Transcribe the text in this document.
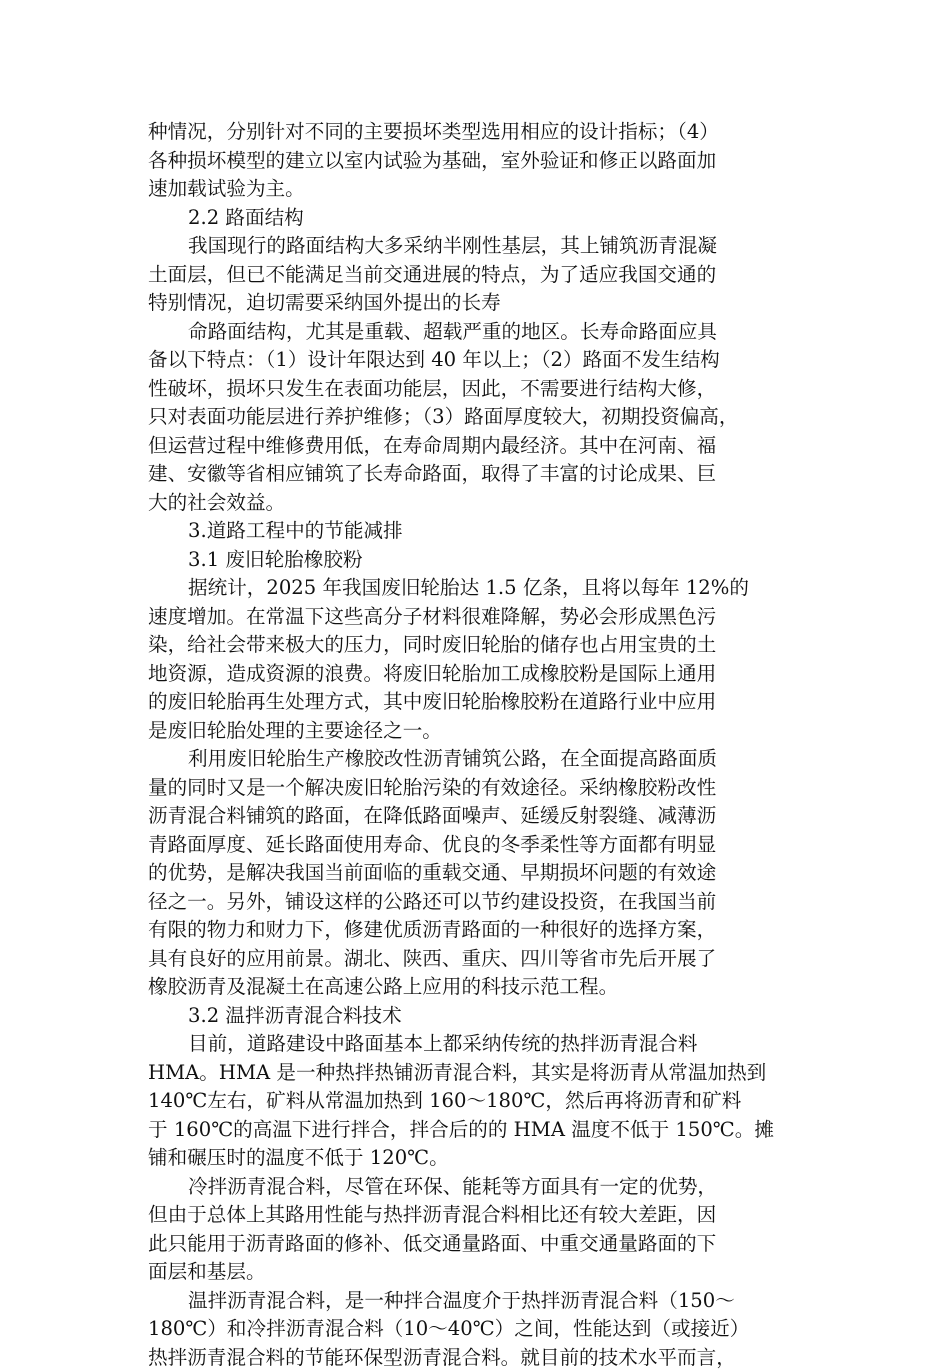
种情况，分别针对不同的主要损坏类型选用相应的设计指标；（4）
各种损坏模型的建立以室内试验为基础，室外验证和修正以路面加
速加载试验为主。
2.2 路面结构
我国现行的路面结构大多采纳半刚性基层，其上铺筑沥青混凝
土面层，但已不能满足当前交通进展的特点，为了适应我国交通的
特别情况，迫切需要采纳国外提出的长寿
命路面结构，尤其是重载、超载严重的地区。长寿命路面应具
备以下特点：（1）设计年限达到 40 年以上；（2）路面不发生结构
性破坏，损坏只发生在表面功能层，因此，不需要进行结构大修，
只对表面功能层进行养护维修；（3）路面厚度较大，初期投资偏高，
但运营过程中维修费用低，在寿命周期内最经济。其中在河南、福
建、安徽等省相应铺筑了长寿命路面，取得了丰富的讨论成果、巨
大的社会效益。
3.道路工程中的节能减排
3.1 废旧轮胎橡胶粉
据统计，2025 年我国废旧轮胎达 1.5 亿条，且将以每年 12%的
速度增加。在常温下这些高分子材料很难降解，势必会形成黑色污
染，给社会带来极大的压力，同时废旧轮胎的储存也占用宝贵的土
地资源，造成资源的浪费。将废旧轮胎加工成橡胶粉是国际上通用
的废旧轮胎再生处理方式，其中废旧轮胎橡胶粉在道路行业中应用
是废旧轮胎处理的主要途径之一。
利用废旧轮胎生产橡胶改性沥青铺筑公路，在全面提高路面质
量的同时又是一个解决废旧轮胎污染的有效途径。采纳橡胶粉改性
沥青混合料铺筑的路面，在降低路面噪声、延缓反射裂缝、减薄沥
青路面厚度、延长路面使用寿命、优良的冬季柔性等方面都有明显
的优势，是解决我国当前面临的重载交通、早期损坏问题的有效途
径之一。另外，铺设这样的公路还可以节约建设投资，在我国当前
有限的物力和财力下，修建优质沥青路面的一种很好的选择方案，
具有良好的应用前景。湖北、陕西、重庆、四川等省市先后开展了
橡胶沥青及混凝土在高速公路上应用的科技示范工程。
3.2 温拌沥青混合料技术
目前，道路建设中路面基本上都采纳传统的热拌沥青混合料
HMA。HMA 是一种热拌热铺沥青混合料，其实是将沥青从常温加热到
140℃左右，矿料从常温加热到 160～180℃，然后再将沥青和矿料
于 160℃的高温下进行拌合，拌合后的的 HMA 温度不低于 150℃。摊
铺和碾压时的温度不低于 120℃。
冷拌沥青混合料，尽管在环保、能耗等方面具有一定的优势，
但由于总体上其路用性能与热拌沥青混合料相比还有较大差距，因
此只能用于沥青路面的修补、低交通量路面、中重交通量路面的下
面层和基层。
温拌沥青混合料，是一种拌合温度介于热拌沥青混合料（150～
180℃）和冷拌沥青混合料（10～40℃）之间，性能达到（或接近）
热拌沥青混合料的节能环保型沥青混合料。就目前的技术水平而言，
